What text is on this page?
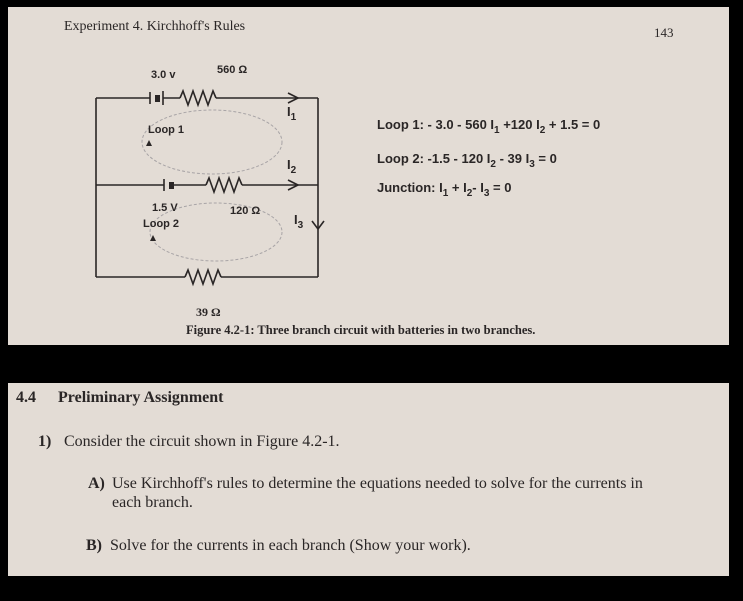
Experiment 4. Kirchhoff's Rules	143
3.0 v	560 Ω
Loop 1
1.5 V	120 Ω
Loop 2
39 Ω
$I_1$
$I_2$
$I_3$
Loop 1: - 3.0 - 560 $I_1 +120$ $I_2 + 1.5 = 0$
Loop 2: -1.5 - 120 $I_2 - 39$ $I_3 = 0$
Junction: $I_1 + I_2-$ $I_3 = 0$
Figure 4.2-1: Three branch circuit with batteries in two branches.
4.4 Preliminary Assignment
1) Consider the circuit shown in Figure 4.2-1.
A) Use Kirchhoff's rules to determine the equations needed to solve for the currents in
each branch.
B) Solve for the currents in each branch (Show your work).
